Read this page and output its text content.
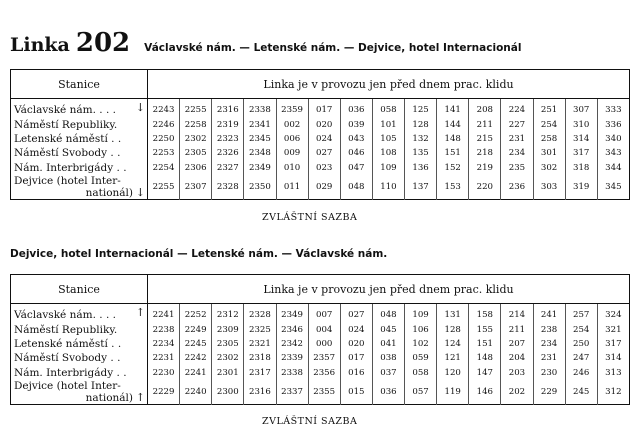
Linka 202 Václavské nám. — Letenské nám. — Dejvice, hotel Internacionál
Stanice	Linka je v provozu jen před dnem prac. klidu														
Václavské nám. . . . ↓	2243	2255	2316	2338	2359	017	036	058	125	141	208	224	251	307	333
Náměstí Republiky.	2246	2258	2319	2341	002	020	039	101	128	144	211	227	254	310	336
Letenské náměstí . .	2250	2302	2323	2345	006	024	043	105	132	148	215	231	258	314	340
Náměstí Svobody . .	2253	2305	2326	2348	009	027	046	108	135	151	218	234	301	317	343
Nám. Interbrigády . .	2254	2306	2327	2349	010	023	047	109	136	152	219	235	302	318	344
Dejvice (hotel Inter-
nationál) ↓	2255	2307	2328	2350	011	029	048	110	137	153	220	236	303	319	345
ZVLÁŠTNÍ SAZBA
Dejvice, hotel Internacionál — Letenské nám. — Václavské nám.
Stanice	Linka je v provozu jen před dnem prac. klidu														
Václavské nám. . . . ↑	2241	2252	2312	2328	2349	007	027	048	109	131	158	214	241	257	324
Náměstí Republiky.	2238	2249	2309	2325	2346	004	024	045	106	128	155	211	238	254	321
Letenské náměstí . .	2234	2245	2305	2321	2342	000	020	041	102	124	151	207	234	250	317
Náměstí Svobody . .	2231	2242	2302	2318	2339	2357	017	038	059	121	148	204	231	247	314
Nám. Interbrigády . .	2230	2241	2301	2317	2338	2356	016	037	058	120	147	203	230	246	313
Dejvice (hotel Inter-
nationál) ↑	2229	2240	2300	2316	2337	2355	015	036	057	119	146	202	229	245	312
ZVLÁŠTNÍ SAZBA
